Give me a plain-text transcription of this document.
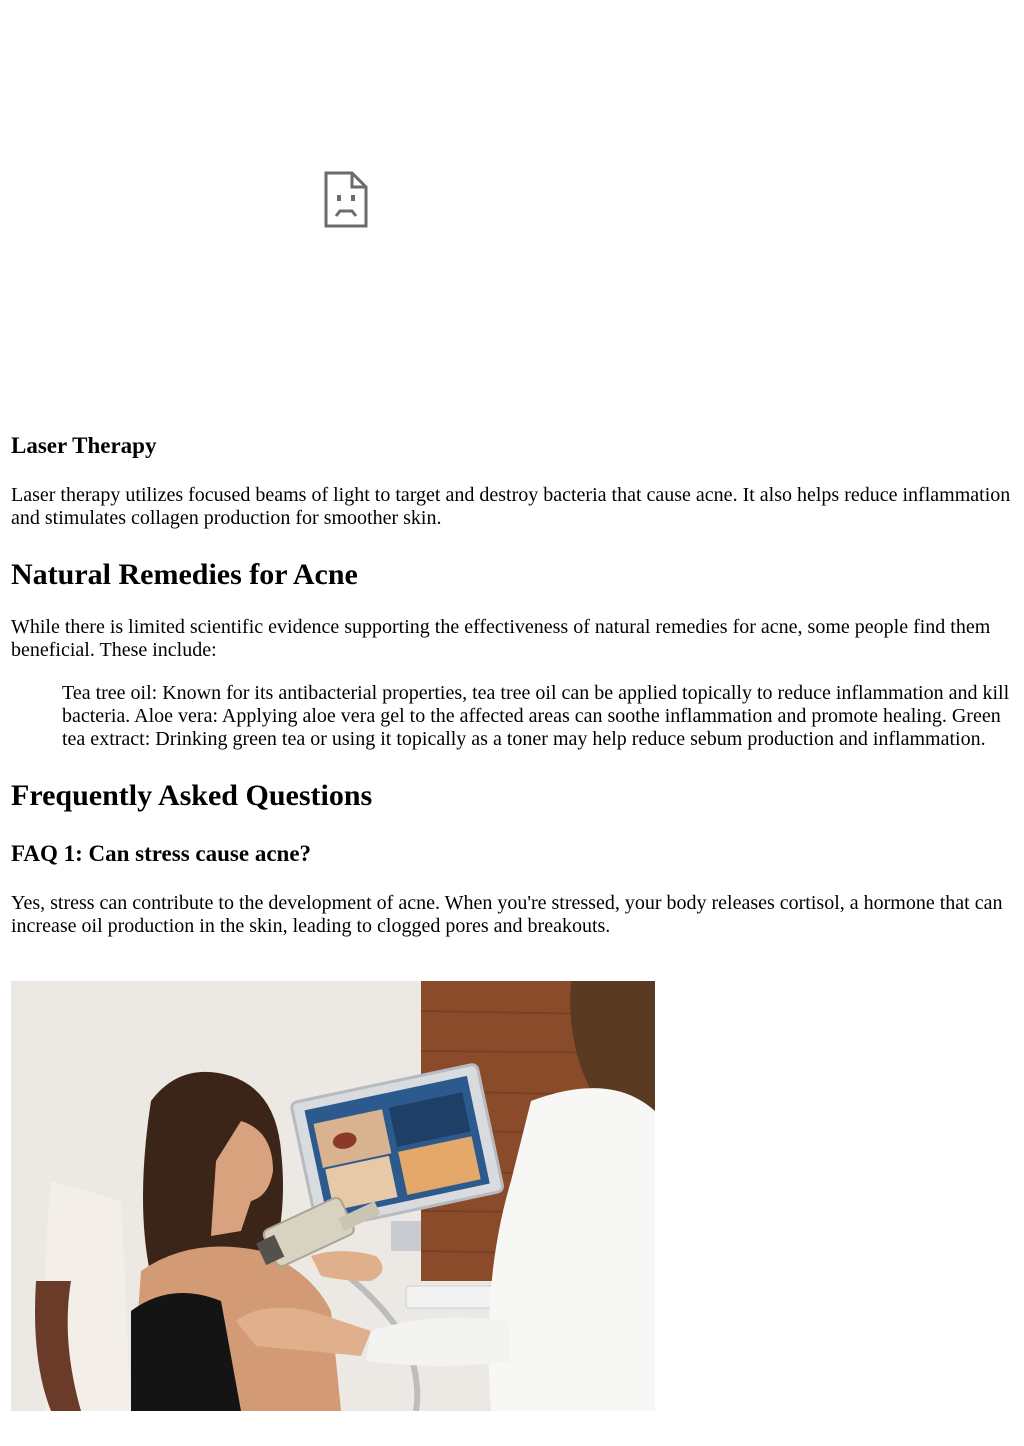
Laser Therapy

Laser therapy utilizes focused beams of light to target and destroy bacteria that cause acne. It also helps reduce inflammation and stimulates collagen production for smoother skin.

Natural Remedies for Acne

While there is limited scientific evidence supporting the effectiveness of natural remedies for acne, some people find them beneficial. These include:

Tea tree oil: Known for its antibacterial properties, tea tree oil can be applied topically to reduce inflammation and kill bacteria. Aloe vera: Applying aloe vera gel to the affected areas can soothe inflammation and promote healing. Green tea extract: Drinking green tea or using it topically as a toner may help reduce sebum production and inflammation.
Frequently Asked Questions
FAQ 1: Can stress cause acne?

Yes, stress can contribute to the development of acne. When you're stressed, your body releases cortisol, a hormone that can increase oil production in the skin, leading to clogged pores and breakouts.
